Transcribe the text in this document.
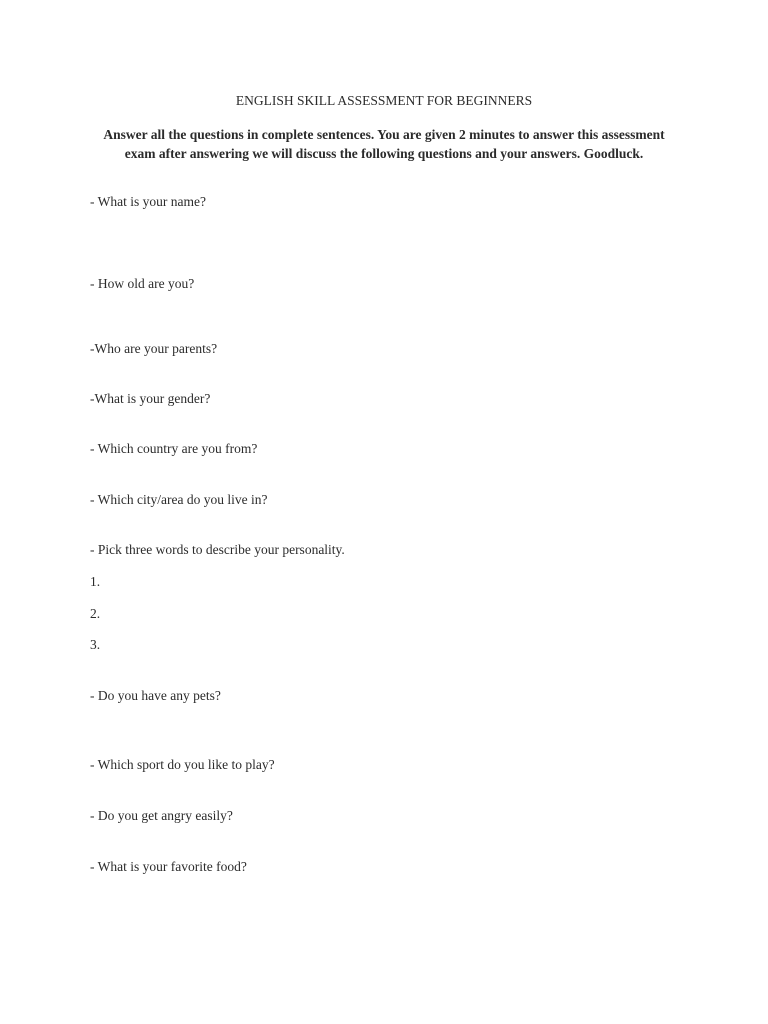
ENGLISH SKILL ASSESSMENT FOR BEGINNERS
Answer all the questions in complete sentences. You are given 2 minutes to answer this assessment
exam after answering we will discuss the following questions and your answers. Goodluck.
- What is your name?
- How old are you?
-Who are your parents?
-What is your gender?
- Which country are you from?
- Which city/area do you live in?
- Pick three words to describe your personality.
1.
2.
3.
- Do you have any pets?
- Which sport do you like to play?
- Do you get angry easily?
- What is your favorite food?
